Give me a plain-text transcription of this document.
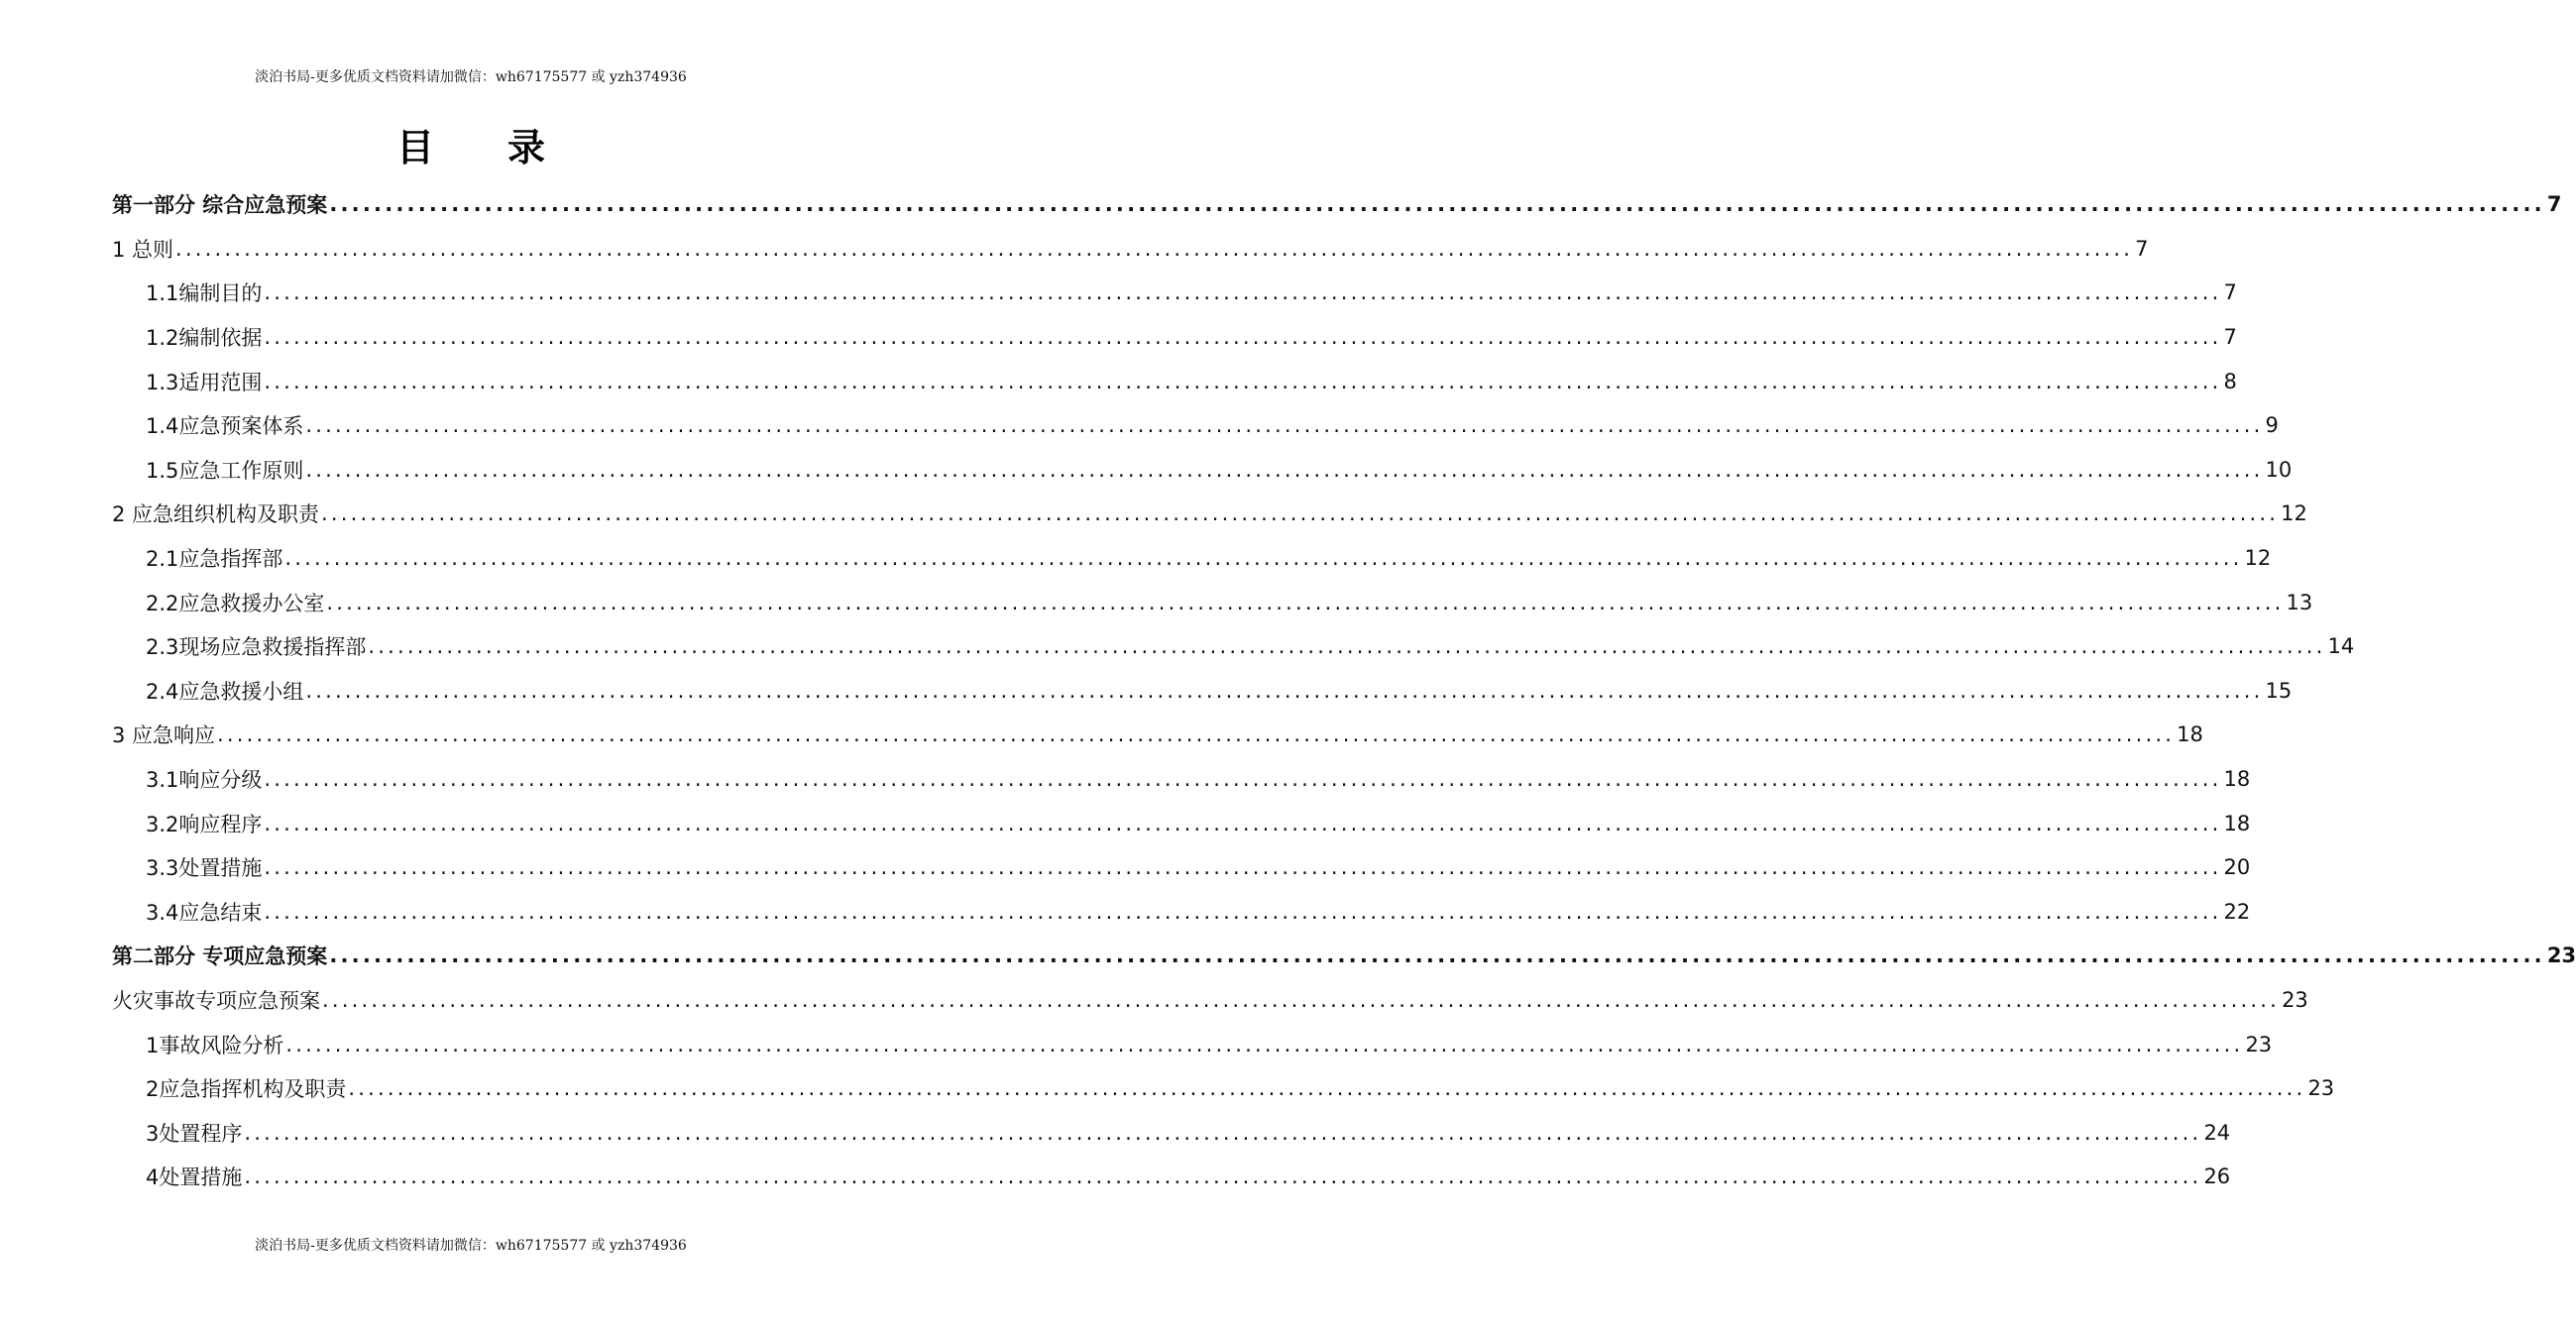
淡泊书局-更多优质文档资料请加微信：wh67175577 或 yzh374936
目 录
第一部分 综合应急预案 ........................................................................................................................................................................................................ 7
1 总则 ........................................................................................................................................................................................................ 7
1.1编制目的 ........................................................................................................................................................................................................ 7
1.2编制依据 ........................................................................................................................................................................................................ 7
1.3适用范围 ........................................................................................................................................................................................................ 8
1.4应急预案体系 ........................................................................................................................................................................................................ 9
1.5应急工作原则 ........................................................................................................................................................................................................ 10
2 应急组织机构及职责 ........................................................................................................................................................................................................ 12
2.1应急指挥部 ........................................................................................................................................................................................................ 12
2.2应急救援办公室 ........................................................................................................................................................................................................ 13
2.3现场应急救援指挥部 ........................................................................................................................................................................................................ 14
2.4应急救援小组 ........................................................................................................................................................................................................ 15
3 应急响应 ........................................................................................................................................................................................................ 18
3.1响应分级 ........................................................................................................................................................................................................ 18
3.2响应程序 ........................................................................................................................................................................................................ 18
3.3处置措施 ........................................................................................................................................................................................................ 20
3.4应急结束 ........................................................................................................................................................................................................ 22
第二部分 专项应急预案 ........................................................................................................................................................................................................ 23
火灾事故专项应急预案 ........................................................................................................................................................................................................ 23
1事故风险分析 ........................................................................................................................................................................................................ 23
2应急指挥机构及职责 ........................................................................................................................................................................................................ 23
3处置程序 ........................................................................................................................................................................................................ 24
4处置措施 ........................................................................................................................................................................................................ 26
淡泊书局-更多优质文档资料请加微信：wh67175577 或 yzh374936
